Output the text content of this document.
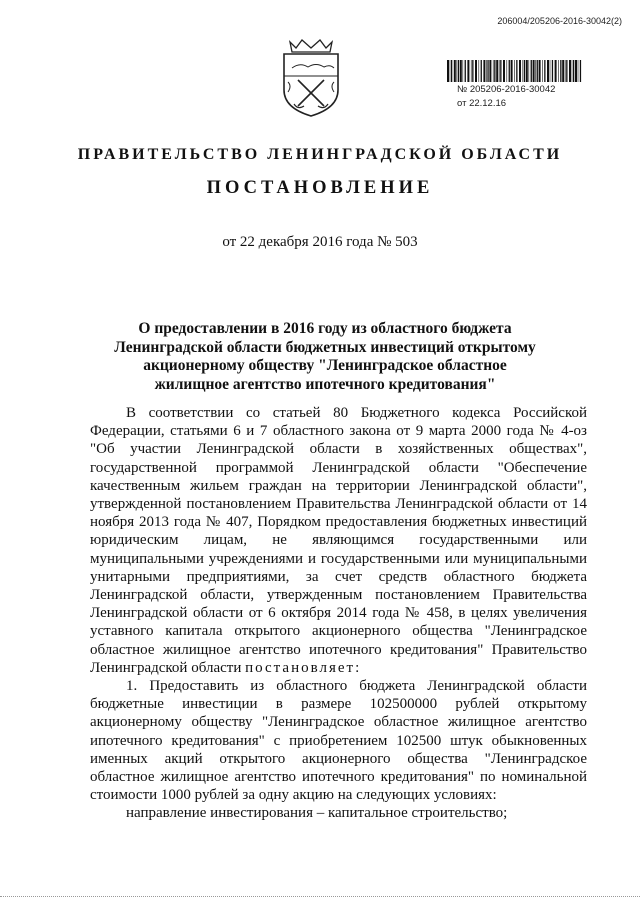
206004/205206-2016-30042(2)
№ 205206-2016-30042
от 22.12.16
ПРАВИТЕЛЬСТВО ЛЕНИНГРАДСКОЙ ОБЛАСТИ
ПОСТАНОВЛЕНИЕ
от 22 декабря 2016 года № 503
О предоставлении в 2016 году из областного бюджета Ленинградской области бюджетных инвестиций открытому акционерному обществу "Ленинградское областное жилищное агентство ипотечного кредитования"

В соответствии со статьей 80 Бюджетного кодекса Российской Федерации, статьями 6 и 7 областного закона от 9 марта 2000 года № 4-оз "Об участии Ленинградской области в хозяйственных обществах", государственной программой Ленинградской области "Обеспечение качественным жильем граждан на территории Ленинградской области", утвержденной постановлением Правительства Ленинградской области от 14 ноября 2013 года № 407, Порядком предоставления бюджетных инвестиций юридическим лицам, не являющимся государственными или муниципальными учреждениями и государственными или муниципальными унитарными предприятиями, за счет средств областного бюджета Ленинградской области, утвержденным постановлением Правительства Ленинградской области от 6 октября 2014 года № 458, в целях увеличения уставного капитала открытого акционерного общества "Ленинградское областное жилищное агентство ипотечного кредитования" Правительство Ленинградской области постановляет:

1. Предоставить из областного бюджета Ленинградской области бюджетные инвестиции в размере 102500000 рублей открытому акционерному обществу "Ленинградское областное жилищное агентство ипотечного кредитования" с приобретением 102500 штук обыкновенных именных акций открытого акционерного общества "Ленинградское областное жилищное агентство ипотечного кредитования" по номинальной стоимости 1000 рублей за одну акцию на следующих условиях:

направление инвестирования – капитальное строительство;
